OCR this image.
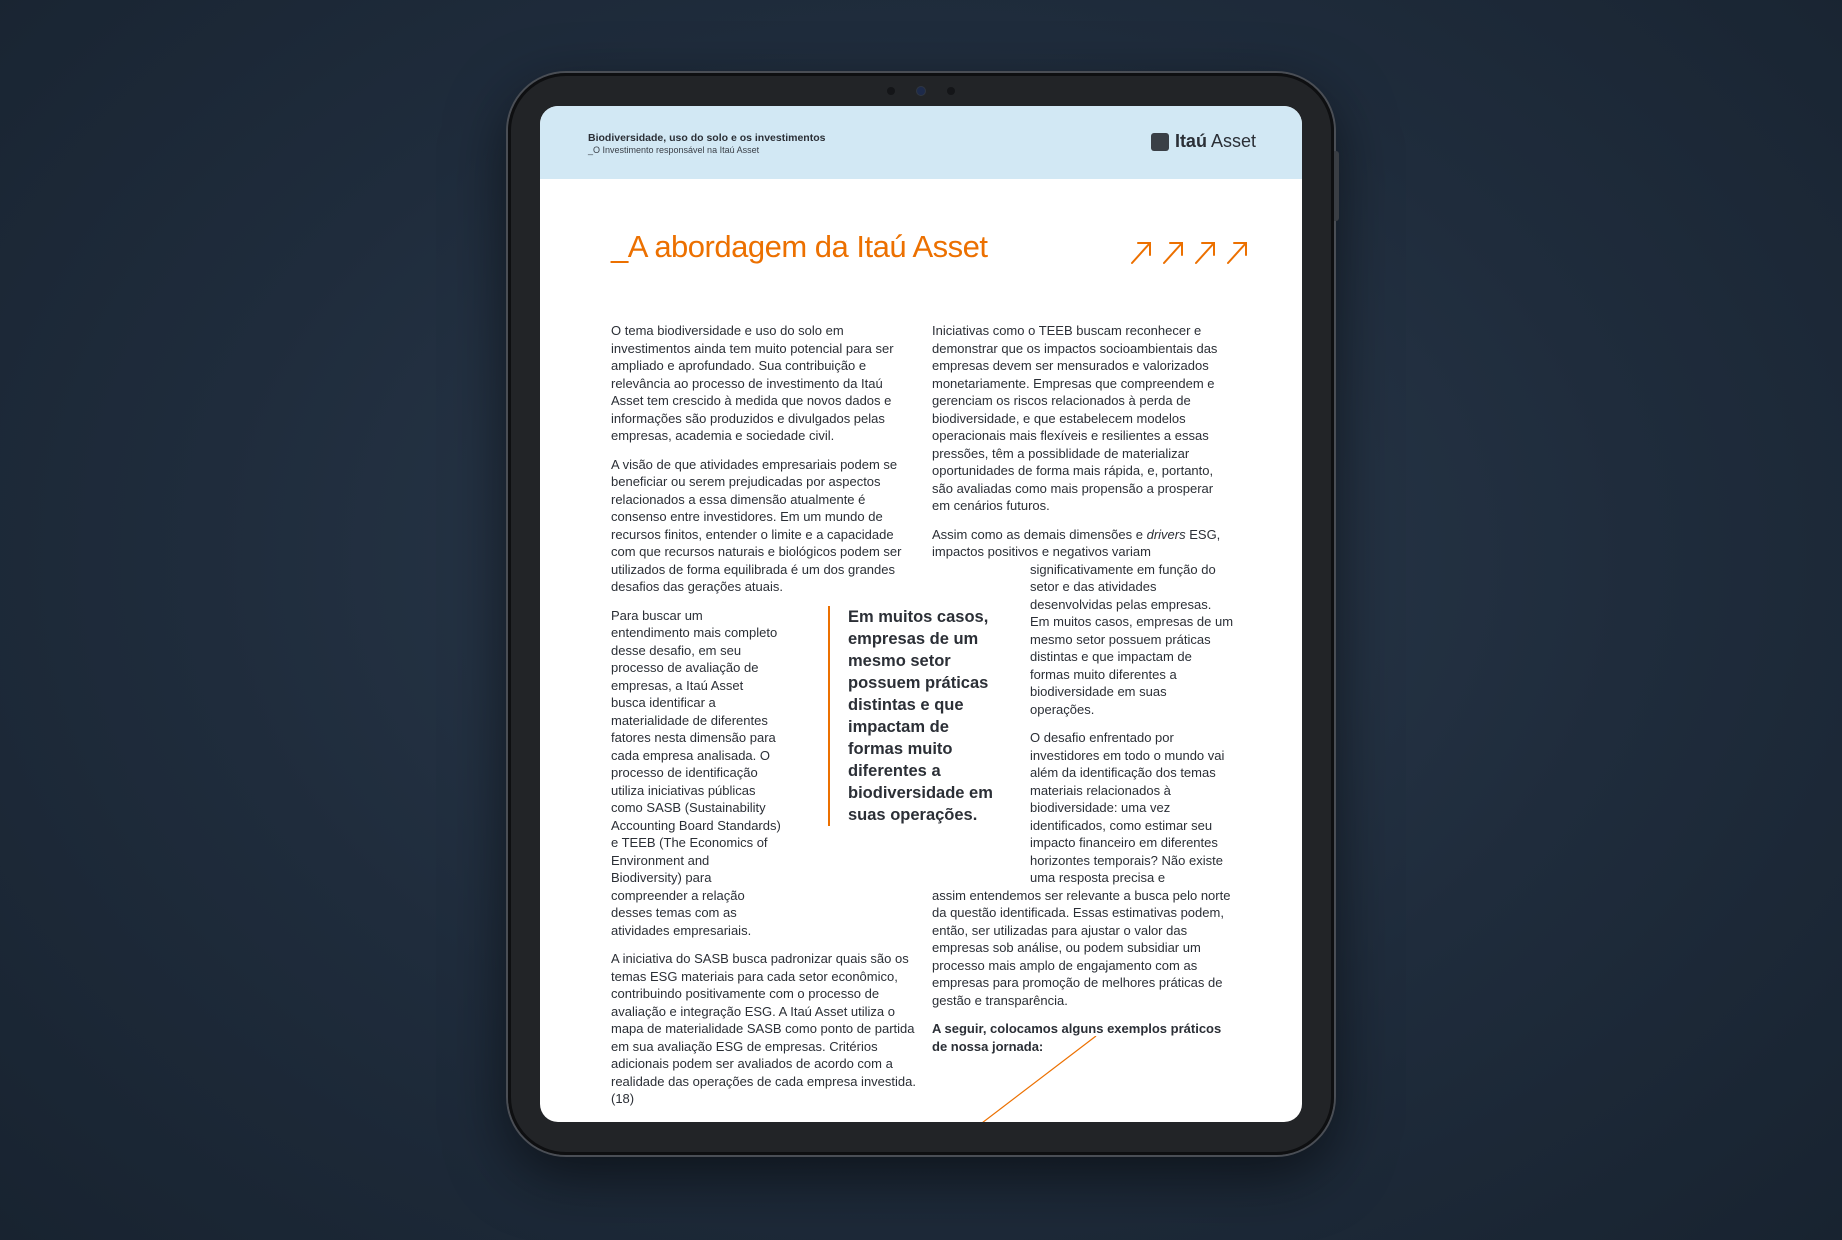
Biodiversidade, uso do solo e os investimentos
_O Investimento responsável na Itaú Asset	Itaú Asset
_A abordagem da Itaú Asset

O tema biodiversidade e uso do solo em investimentos ainda tem muito potencial para ser ampliado e aprofundado. Sua contribuição e relevância ao processo de investimento da Itaú Asset tem crescido à medida que novos dados e informações são produzidos e divulgados pelas empresas, academia e sociedade civil.

A visão de que atividades empresariais podem se beneficiar ou serem prejudicadas por aspectos relacionados a essa dimensão atualmente é consenso entre investidores. Em um mundo de recursos finitos, entender o limite e a capacidade com que recursos naturais e biológicos podem ser utilizados de forma equilibrada é um dos grandes desafios das gerações atuais.

Para buscar um entendimento mais completo desse desafio, em seu processo de avaliação de empresas, a Itaú Asset busca identificar a materialidade de diferentes fatores nesta dimensão para cada empresa analisada. O processo de identificação utiliza iniciativas públicas como SASB (Sustainability Accounting Board Standards) e TEEB (The Economics of Environment and Biodiversity) para compreender a relação desses temas com as atividades empresariais.

A iniciativa do SASB busca padronizar quais são os temas ESG materiais para cada setor econômico, contribuindo positivamente com o processo de avaliação e integração ESG. A Itaú Asset utiliza o mapa de materialidade SASB como ponto de partida em sua avaliação ESG de empresas. Critérios adicionais podem ser avaliados de acordo com a realidade das operações de cada empresa investida. (18)

Em muitos casos, empresas de um mesmo setor possuem práticas distintas e que impactam de formas muito diferentes a biodiversidade em suas operações.

Iniciativas como o TEEB buscam reconhecer e demonstrar que os impactos socioambientais das empresas devem ser mensurados e valorizados monetariamente. Empresas que compreendem e gerenciam os riscos relacionados à perda de biodiversidade, e que estabelecem modelos operacionais mais flexíveis e resilientes a essas pressões, têm a possiblidade de materializar oportunidades de forma mais rápida, e, portanto, são avaliadas como mais propensão a prosperar em cenários futuros.

Assim como as demais dimensões e drivers ESG, impactos positivos e negativos variam
significativamente em função do setor e das atividades desenvolvidas pelas empresas. Em muitos casos, empresas de um mesmo setor possuem práticas distintas e que impactam de formas muito diferentes a biodiversidade em suas operações.

O desafio enfrentado por investidores em todo o mundo vai além da identificação dos temas materiais relacionados à biodiversidade: uma vez identificados, como estimar seu impacto financeiro em diferentes horizontes temporais? Não existe uma resposta precisa e
assim entendemos ser relevante a busca pelo norte da questão identificada. Essas estimativas podem, então, ser utilizadas para ajustar o valor das empresas sob análise, ou podem subsidiar um processo mais amplo de engajamento com as empresas para promoção de melhores práticas de gestão e transparência.

A seguir, colocamos alguns exemplos práticos de nossa jornada:
